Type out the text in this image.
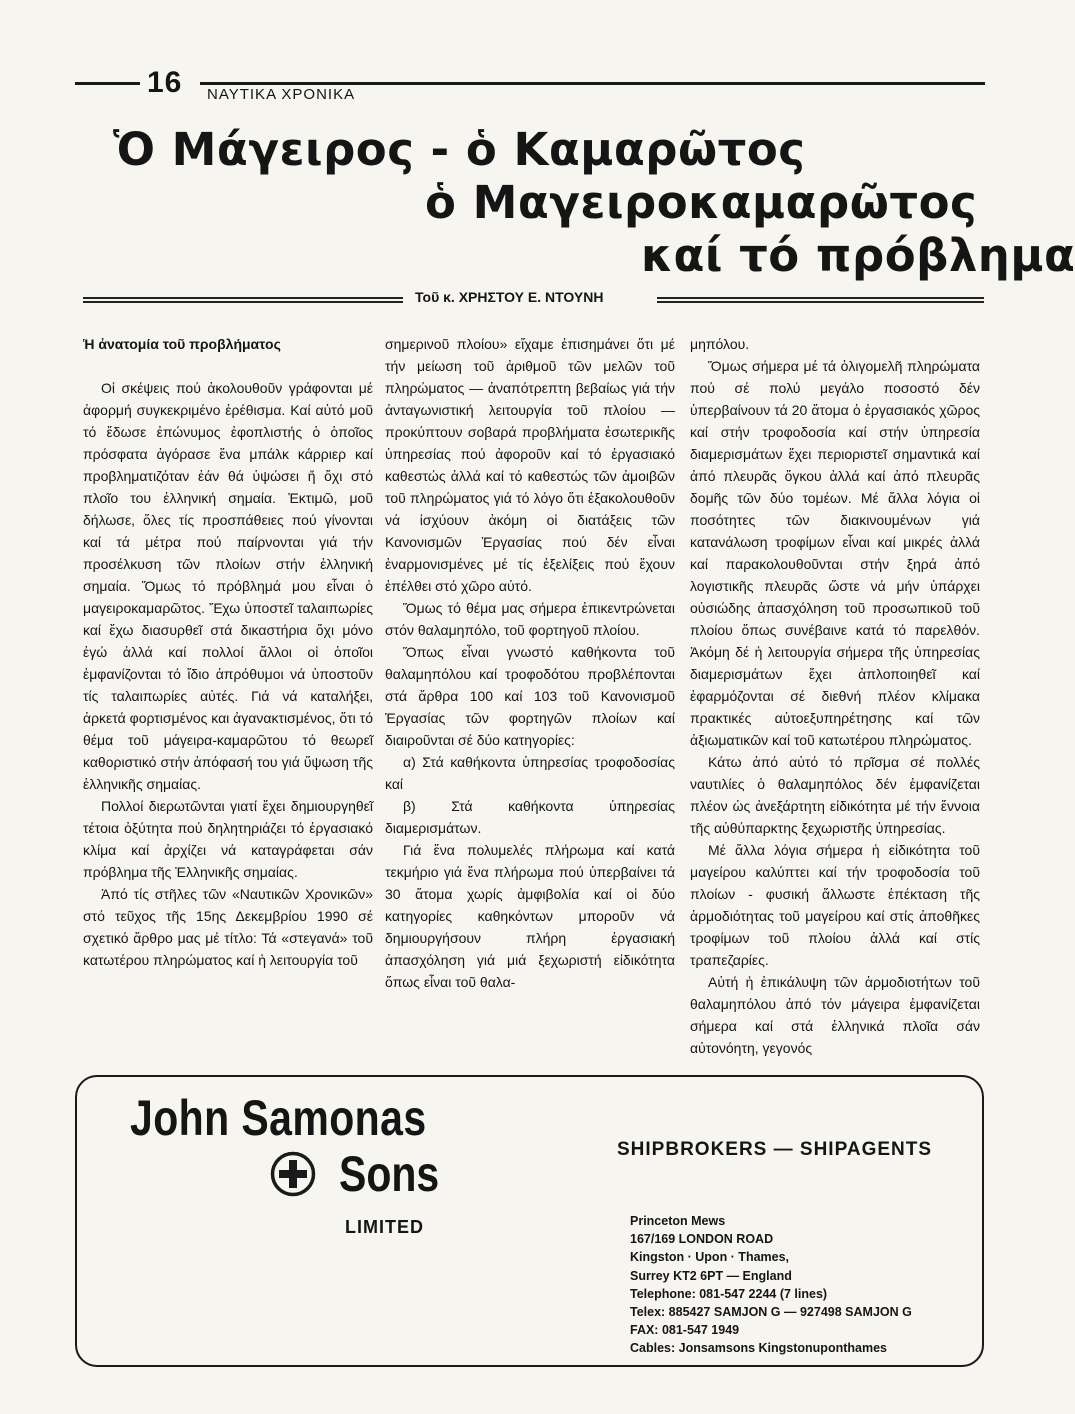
16 ΝΑΥΤΙΚΑ ΧΡΟΝΙΚΑ
Ὁ Μάγειρος - ὁ Καμαρῶτος
ὁ Μαγειροκαμαρῶτος
καί τό πρόβλημα
Τοῦ κ. ΧΡΗΣΤΟΥ Ε. ΝΤΟΥΝΗ

Ἡ ἀνατομία τοῦ προβλήματος

Οἱ σκέψεις πού ἀκολουθοῦν γράφονται μέ ἀφορμή συγκεκριμένο ἐρέθισμα. Καί αὐτό μοῦ τό ἔδωσε ἐπώνυμος ἐφοπλιστής ὁ ὁποῖος πρόσφατα ἀγόρασε ἕνα μπάλκ κάρριερ καί προβληματιζόταν ἐάν θά ὑψώσει ἤ ὄχι στό πλοῖο του ἑλληνική σημαία. Ἐκτιμῶ, μοῦ δήλωσε, ὅλες τίς προσπάθειες πού γίνονται καί τά μέτρα πού παίρνονται γιά τήν προσέλκυση τῶν πλοίων στήν ἑλληνική σημαία. Ὅμως τό πρόβλημά μου εἶναι ὁ μαγειροκαμαρῶτος. Ἔχω ὑποστεῖ ταλαιπωρίες καί ἔχω διασυρθεῖ στά δικαστήρια ὄχι μόνο ἐγώ ἀλλά καί πολλοί ἄλλοι οἱ ὁποῖοι ἐμφανίζονται τό ἴδιο ἀπρόθυμοι νά ὑποστοῦν τίς ταλαιπωρίες αὐτές. Γιά νά καταλήξει, ἀρκετά φορτισμένος και ἀγανακτισμένος, ὅτι τό θέμα τοῦ μάγειρα-καμαρῶτου τό θεωρεῖ καθοριστικό στήν ἀπόφασή του γιά ὕψωση τῆς ἑλληνικῆς σημαίας.

Πολλοί διερωτῶνται γιατί ἔχει δημιουργηθεῖ τέτοια ὀξύτητα πού δηλητηριάζει τό ἐργασιακό κλίμα καί ἀρχίζει νά καταγράφεται σάν πρόβλημα τῆς Ἑλληνικῆς σημαίας.

Ἀπό τίς στῆλες τῶν «Ναυτικῶν Χρονικῶν» στό τεῦχος τῆς 15ης Δεκεμβρίου 1990 σέ σχετικό ἄρθρο μας μέ τίτλο: Τά «στεγανά» τοῦ κατωτέρου πληρώματος καί ἡ λειτουργία τοῦ

σημερινοῦ πλοίου» εἴχαμε ἐπισημάνει ὅτι μέ τήν μείωση τοῦ ἀριθμοῦ τῶν μελῶν τοῦ πληρώματος — ἀναπότρεπτη βεβαίως γιά τήν ἀνταγωνιστική λειτουργία τοῦ πλοίου — προκύπτουν σοβαρά προβλήματα ἐσωτερικῆς ὑπηρεσίας πού ἀφοροῦν καί τό ἐργασιακό καθεστώς ἀλλά καί τό καθεστώς τῶν ἀμοιβῶν τοῦ πληρώματος γιά τό λόγο ὅτι ἐξακολουθοῦν νά ἰσχύουν ἀκόμη οἱ διατάξεις τῶν Κανονισμῶν Ἐργασίας πού δέν εἶναι ἐναρμονισμένες μέ τίς ἐξελίξεις πού ἔχουν ἐπέλθει στό χῶρο αὐτό.

Ὅμως τό θέμα μας σήμερα ἐπικεντρώνεται στόν θαλαμηπόλο, τοῦ φορτηγοῦ πλοίου.

Ὅπως εἶναι γνωστό καθήκοντα τοῦ θαλαμηπόλου καί τροφοδότου προβλέπονται στά ἄρθρα 100 καί 103 τοῦ Κανονισμοῦ Ἐργασίας τῶν φορτηγῶν πλοίων καί διαιροῦνται σέ δύο κατηγορίες:

α) Στά καθήκοντα ὑπηρεσίας τροφοδοσίας καί

β) Στά καθήκοντα ὑπηρεσίας διαμερισμάτων.

Γιά ἕνα πολυμελές πλήρωμα καί κατά τεκμήριο γιά ἕνα πλήρωμα πού ὑπερβαίνει τά 30 ἄτομα χωρίς ἀμφιβολία καί οἱ δύο κατηγορίες καθηκόντων μποροῦν νά δημιουργήσουν πλήρη ἐργασιακή ἀπασχόληση γιά μιά ξεχωριστή εἰδικότητα ὅπως εἶναι τοῦ θαλα-

μηπόλου.

Ὅμως σήμερα μέ τά ὀλιγομελῆ πληρώματα πού σέ πολύ μεγάλο ποσοστό δέν ὑπερβαίνουν τά 20 ἄτομα ὁ ἐργασιακός χῶρος καί στήν τροφοδοσία καί στήν ὑπηρεσία διαμερισμάτων ἔχει περιοριστεῖ σημαντικά καί ἀπό πλευρᾶς ὄγκου ἀλλά καί ἀπό πλευρᾶς δομῆς τῶν δύο τομέων. Μέ ἄλλα λόγια οἱ ποσότητες τῶν διακινουμένων γιά κατανάλωση τροφίμων εἶναι καί μικρές ἀλλά καί παρακολουθοῦνται στήν ξηρά ἀπό λογιστικῆς πλευρᾶς ὥστε νά μήν ὑπάρχει οὐσιώδης ἀπασχόληση τοῦ προσωπικοῦ τοῦ πλοίου ὅπως συνέβαινε κατά τό παρελθόν. Ἀκόμη δέ ἡ λειτουργία σήμερα τῆς ὑπηρεσίας διαμερισμάτων ἔχει ἀπλοποιηθεῖ καί ἐφαρμόζονται σέ διεθνή πλέον κλίμακα πρακτικές αὐτοεξυπηρέτησης καί τῶν ἀξιωματικῶν καί τοῦ κατωτέρου πληρώματος.

Κάτω ἀπό αὐτό τό πρῖσμα σέ πολλές ναυτιλίες ὁ θαλαμηπόλος δέν ἐμφανίζεται πλέον ὡς ἀνεξάρτητη εἰδικότητα μέ τήν ἔννοια τῆς αὐθύπαρκτης ξεχωριστῆς ὑπηρεσίας.

Μέ ἄλλα λόγια σήμερα ἡ εἰδικότητα τοῦ μαγείρου καλύπτει καί τήν τροφοδοσία τοῦ πλοίων - φυσική ἄλλωστε ἐπέκταση τῆς ἁρμοδιότητας τοῦ μαγείρου καί στίς ἀποθῆκες τροφίμων τοῦ πλοίου ἀλλά καί στίς τραπεζαρίες.

Αὐτή ἡ ἐπικάλυψη τῶν ἁρμοδιοτήτων τοῦ θαλαμηπόλου ἀπό τόν μάγειρα ἐμφανίζεται σήμερα καί στά ἑλληνικά πλοῖα σάν αὐτονόητη, γεγονός

John Samonas
Sons	SHIPBROKERS — SHIPAGENTS
LIMITED	Princeton Mews
167/169 LONDON ROAD
Kingston · Upon · Thames,
Surrey KT2 6PT — England
Telephone: 081-547 2244 (7 lines)
Telex: 885427 SAMJON G — 927498 SAMJON G
FAX: 081-547 1949
Cables: Jonsamsons Kingstonuponthames
